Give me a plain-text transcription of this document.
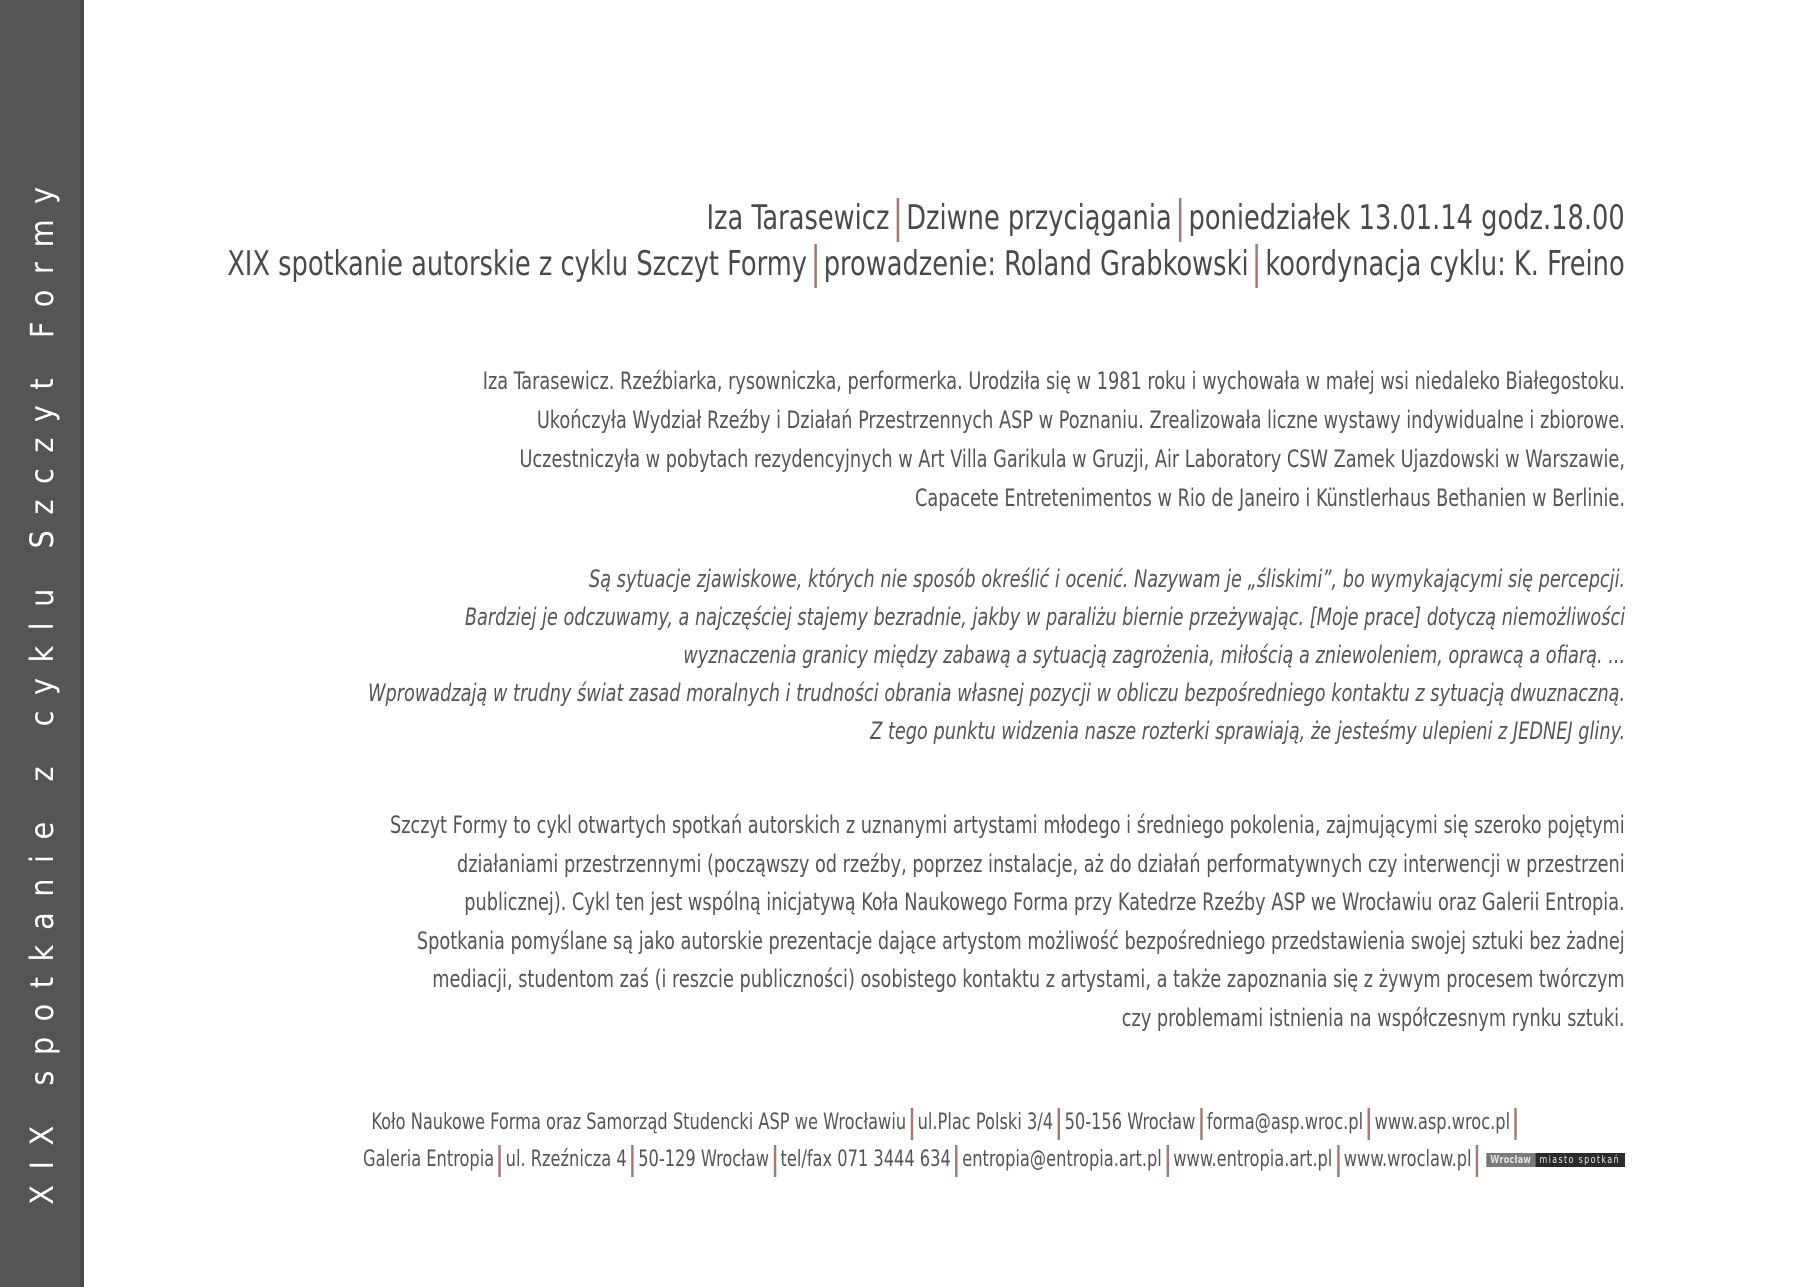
XIX spotkanie z cyklu Szczyt Formy	Iza Tarasewicz Dziwne przyciągania poniedziałek 13.01.14 godz.18.00
XIX spotkanie autorskie z cyklu Szczyt Formy prowadzenie: Roland Grabkowski koordynacja cyklu: K. Freino
Iza Tarasewicz. Rzeźbiarka, rysowniczka, performerka. Urodziła się w 1981 roku i wychowała w małej wsi niedaleko Białegostoku.
Ukończyła Wydział Rzeźby i Działań Przestrzennych ASP w Poznaniu. Zrealizowała liczne wystawy indywidualne i zbiorowe.
Uczestniczyła w pobytach rezydencyjnych w Art Villa Garikula w Gruzji, Air Laboratory CSW Zamek Ujazdowski w Warszawie,
Capacete Entretenimentos w Rio de Janeiro i Künstlerhaus Bethanien w Berlinie.
Są sytuacje zjawiskowe, których nie sposób określić i ocenić. Nazywam je „śliskimi”, bo wymykającymi się percepcji.
Bardziej je odczuwamy, a najczęściej stajemy bezradnie, jakby w paraliżu biernie przeżywając. [Moje prace] dotyczą niemożliwości
wyznaczenia granicy między zabawą a sytuacją zagrożenia, miłością a zniewoleniem, oprawcą a ofiarą. ...
Wprowadzają w trudny świat zasad moralnych i trudności obrania własnej pozycji w obliczu bezpośredniego kontaktu z sytuacją dwuznaczną.
Z tego punktu widzenia nasze rozterki sprawiają, że jesteśmy ulepieni z JEDNEJ gliny.
Szczyt Formy to cykl otwartych spotkań autorskich z uznanymi artystami młodego i średniego pokolenia, zajmującymi się szeroko pojętymi
działaniami przestrzennymi (począwszy od rzeźby, poprzez instalacje, aż do działań performatywnych czy interwencji w przestrzeni
publicznej). Cykl ten jest wspólną inicjatywą Koła Naukowego Forma przy Katedrze Rzeźby ASP we Wrocławiu oraz Galerii Entropia.
Spotkania pomyślane są jako autorskie prezentacje dające artystom możliwość bezpośredniego przedstawienia swojej sztuki bez żadnej
mediacji, studentom zaś (i reszcie publiczności) osobistego kontaktu z artystami, a także zapoznania się z żywym procesem twórczym
czy problemami istnienia na współczesnym rynku sztuki.
Koło Naukowe Forma oraz Samorząd Studencki ASP we Wrocławiu ul.Plac Polski 3/4 50-156 Wrocław forma@asp.wroc.pl www.asp.wroc.pl
Galeria Entropia ul. Rzeźnicza 4 50-129 Wrocław tel/fax 071 3444 634 entropia@entropia.art.pl www.entropia.art.pl www.wroclaw.pl Wrocław miasto spotkań
